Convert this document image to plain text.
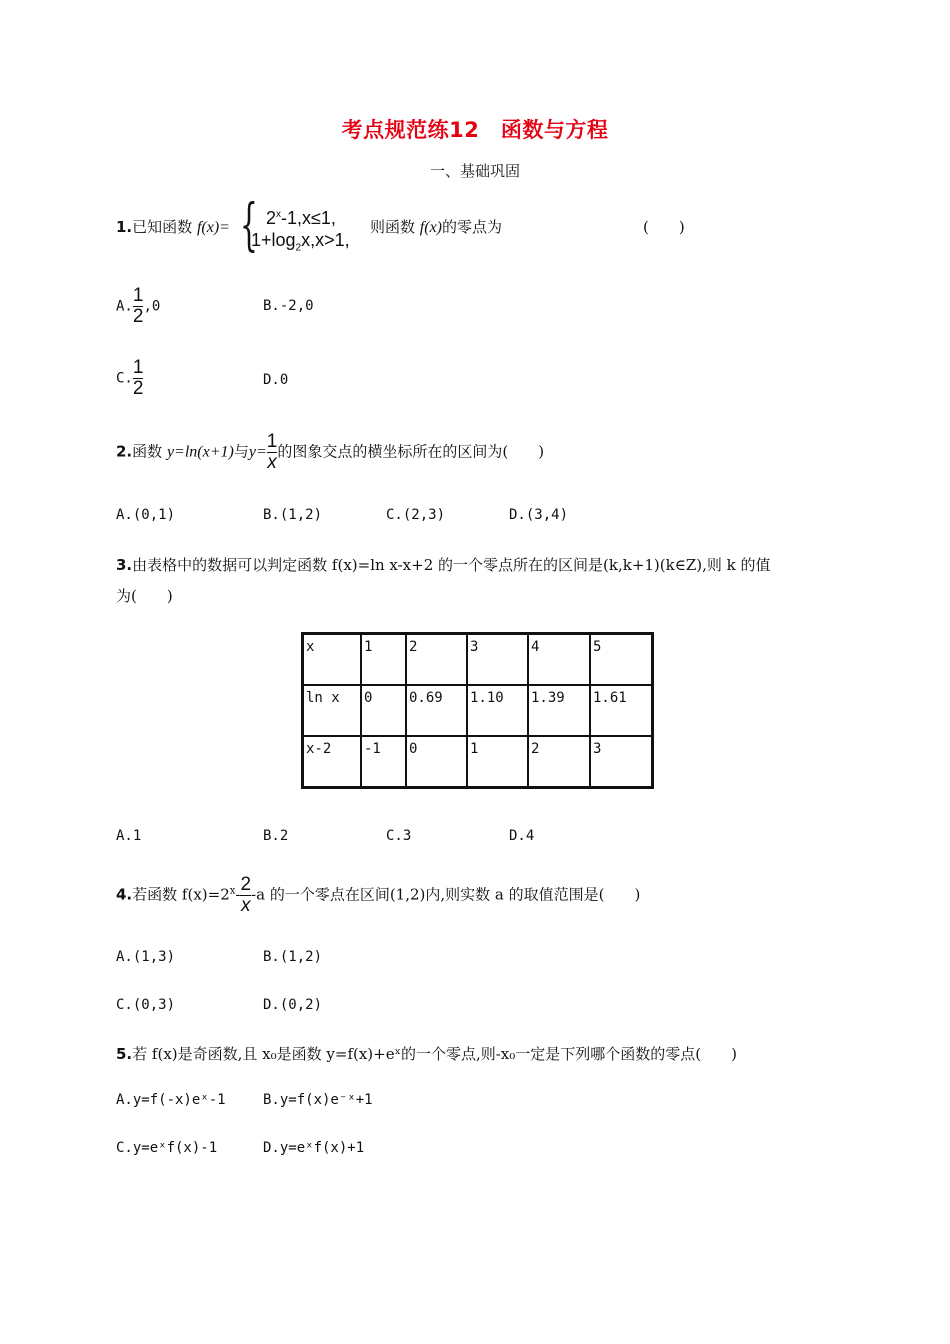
考点规范练12　函数与方程
一、基础巩固
1.已知函数 f(x)= { $2^x-1,x\le 1$,
$1+\log_2x,x>1$,
则函数 f(x)的零点为	(　　)
A. $\frac{1}{2} ,0$	B.-2,0
C. $\frac{1}{2}$	D.0
2.函数 y=ln(x+1)与$y= \frac{1}{x}$ 的图象交点的横坐标所在的区间为(　　)
A.(0,1)	B.(1,2)	C.(2,3)	D.(3,4)
3.由表格中的数据可以判定函数 f(x)=ln x-x+2 的一个零点所在的区间是(k,k+1)(k∈Z),则 k 的值
为(　　)
x	1	2	3	4	5
ln x	0	0.69	1.10	1.39	1.61
x-2	-1	0	1	2	3
A.1	B.2	C.3	D.4
4.若函数 $f(x)=2^x- \frac{2}{x} -a$ 的一个零点在区间(1,2)内,则实数 a 的取值范围是(　　)
A.(1,3)	B.(1,2)
C.(0,3)	D.(0,2)
5.若 f(x)是奇函数,且 x₀是函数 y=f(x)+eˣ的一个零点,则-x₀一定是下列哪个函数的零点(　　)
A.y=f(-x)eˣ-1	B.y=f(x)e⁻ˣ+1
C.y=eˣf(x)-1	D.y=eˣf(x)+1
